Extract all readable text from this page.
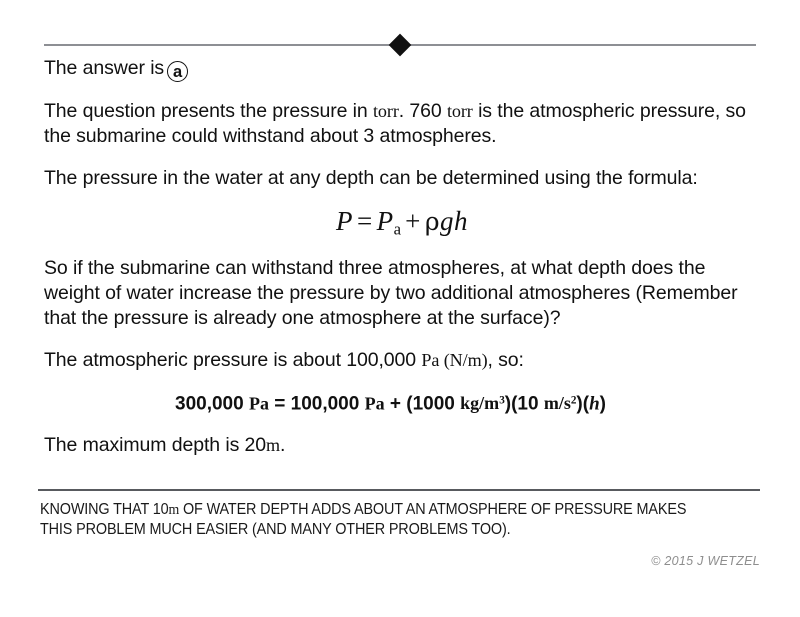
The answer is a

The question presents the pressure in torr. 760 torr is the atmospheric pressure, so the submarine could withstand about 3 atmospheres.

The pressure in the water at any depth can be determined using the formula:

$P = P_a + \rho gh$

So if the submarine can withstand three atmospheres, at what depth does the weight of water increase the pressure by two additional atmospheres (Remember that the pressure is already one atmosphere at the surface)?

The atmospheric pressure is about 100,000 Pa (N/m), so:

300,000 Pa = 100,000 Pa + (1000 $kg/m^3)(10$ $m/s^2)(h)$

The maximum depth is 20m.

KNOWING THAT 10m OF WATER DEPTH ADDS ABOUT AN ATMOSPHERE OF PRESSURE MAKES THIS PROBLEM MUCH EASIER (AND MANY OTHER PROBLEMS TOO).
© 2015 J WETZEL
